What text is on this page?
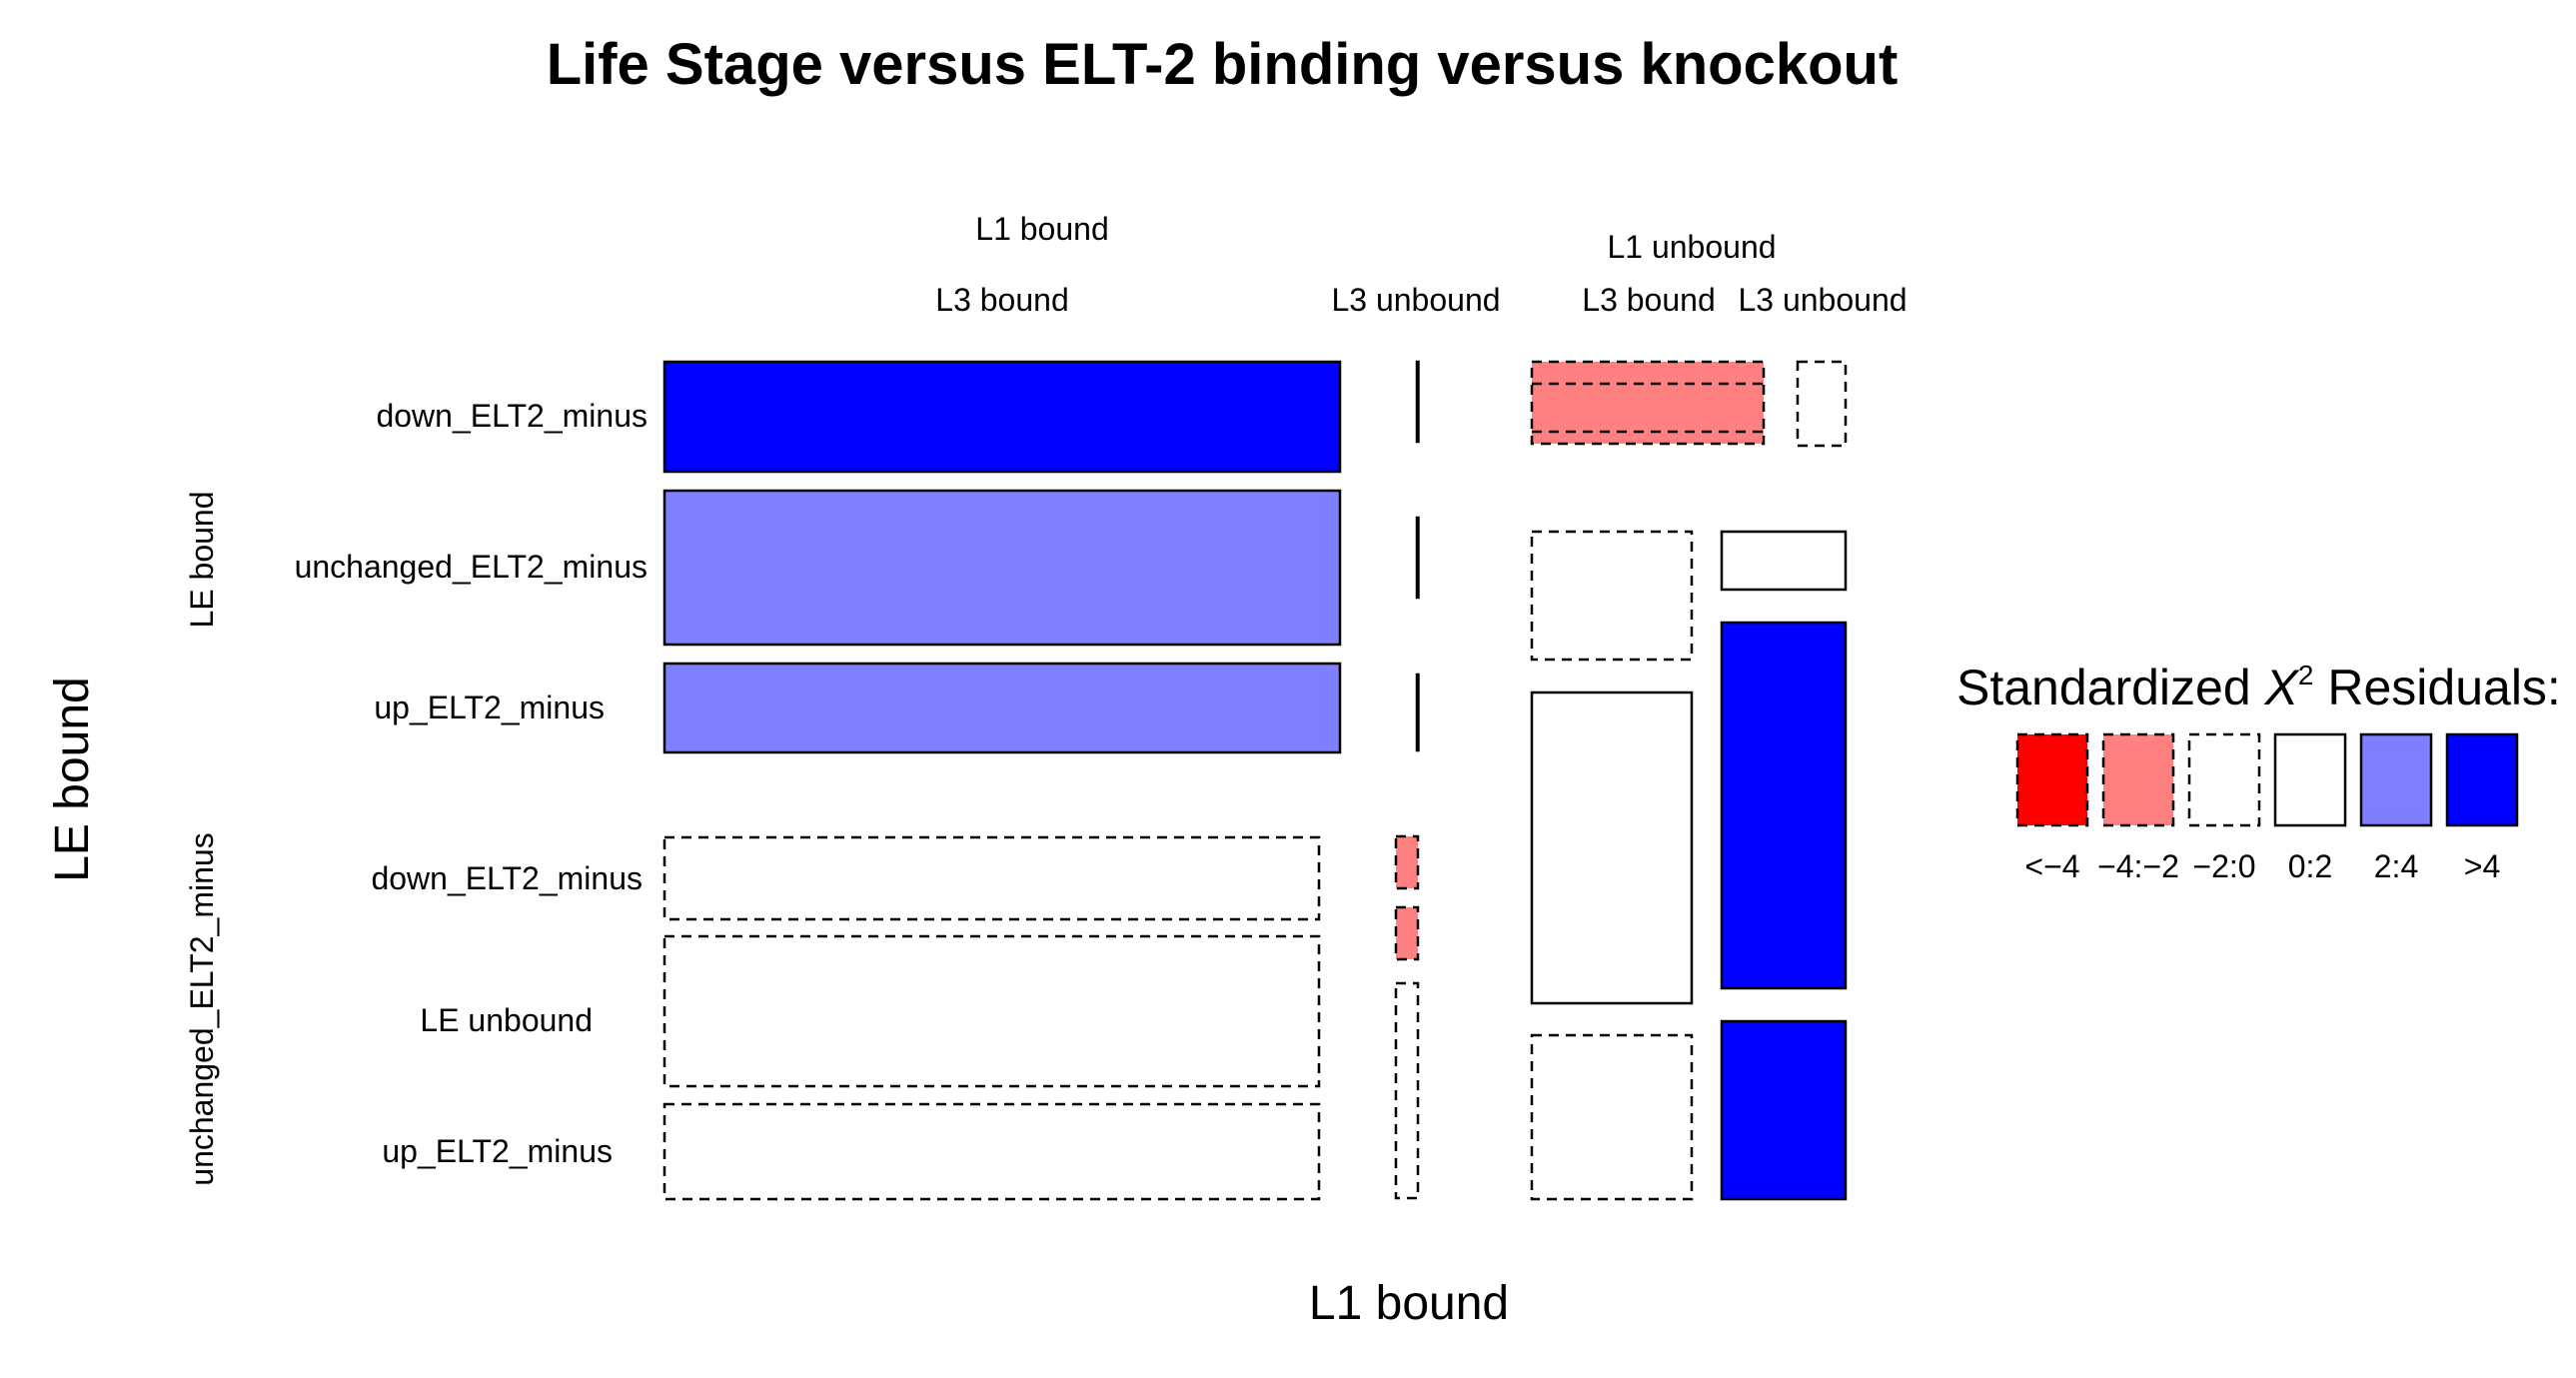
Life Stage versus ELT-2 binding versus knockout
L1 bound
L3 bound	L3 unbound
L1 unbound
L3 bound L3 unbound
down_ELT2_minus
unchanged_ELT2_minus
up_ELT2_minus
down_ELT2_minus
LE unbound
up_ELT2_minus
LE bound
unchanged_ELT2_minus
LE bound
L1 bound
Standardized $X^2$ Residuals:
<−4 −4:−2 −2:0 0:2 2:4 >4
